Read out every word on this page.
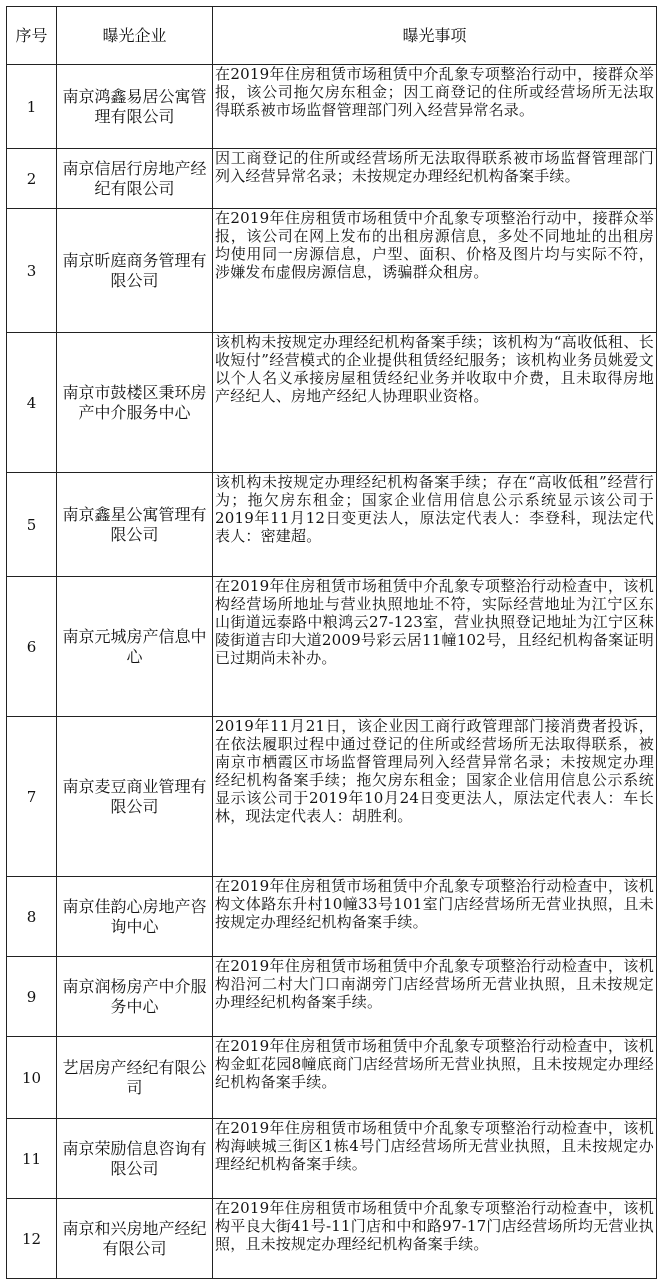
序号	曝光企业	曝光事项
1	南京鸿鑫易居公寓管理有限公司	在2019年住房租赁市场租赁中介乱象专项整治行动中，接群众举报，该公司拖欠房东租金；因工商登记的住所或经营场所无法取得联系被市场监督管理部门列入经营异常名录。
2	南京信居行房地产经纪有限公司	因工商登记的住所或经营场所无法取得联系被市场监督管理部门列入经营异常名录；未按规定办理经纪机构备案手续。
3	南京昕庭商务管理有限公司	在2019年住房租赁市场租赁中介乱象专项整治行动中，接群众举报，该公司在网上发布的出租房源信息，多处不同地址的出租房均使用同一房源信息，户型、面积、价格及图片均与实际不符，涉嫌发布虚假房源信息，诱骗群众租房。
4	南京市鼓楼区秉环房产中介服务中心	该机构未按规定办理经纪机构备案手续；该机构为“高收低租、长收短付”经营模式的企业提供租赁经纪服务；该机构业务员姚爱文以个人名义承接房屋租赁经纪业务并收取中介费，且未取得房地产经纪人、房地产经纪人协理职业资格。
5	南京鑫星公寓管理有限公司	该机构未按规定办理经纪机构备案手续；存在“高收低租”经营行为；拖欠房东租金；国家企业信用信息公示系统显示该公司于2019年11月12日变更法人，原法定代表人：李登科，现法定代表人：密建超。
6	南京元城房产信息中心	在2019年住房租赁市场租赁中介乱象专项整治行动检查中，该机构经营场所地址与营业执照地址不符，实际经营地址为江宁区东山街道远泰路中粮鸿云27-123室，营业执照登记地址为江宁区秣陵街道吉印大道2009号彩云居11幢102号，且经纪机构备案证明已过期尚未补办。
7	南京麦豆商业管理有限公司	2019年11月21日，该企业因工商行政管理部门接消费者投诉，在依法履职过程中通过登记的住所或经营场所无法取得联系，被南京市栖霞区市场监督管理局列入经营异常名录；未按规定办理经纪机构备案手续；拖欠房东租金；国家企业信用信息公示系统显示该公司于2019年10月24日变更法人，原法定代表人：车长林，现法定代表人：胡胜利。
8	南京佳韵心房地产咨询中心	在2019年住房租赁市场租赁中介乱象专项整治行动检查中，该机构文体路东升村10幢33号101室门店经营场所无营业执照，且未按规定办理经纪机构备案手续。
9	南京润杨房产中介服务中心	在2019年住房租赁市场租赁中介乱象专项整治行动检查中，该机构沿河二村大门口南湖旁门店经营场所无营业执照，且未按规定办理经纪机构备案手续。
10	艺居房产经纪有限公司	在2019年住房租赁市场租赁中介乱象专项整治行动检查中，该机构金虹花园8幢底商门店经营场所无营业执照，且未按规定办理经纪机构备案手续。
11	南京荣励信息咨询有限公司	在2019年住房租赁市场租赁中介乱象专项整治行动检查中，该机构海峡城三街区1栋4号门店经营场所无营业执照，且未按规定办理经纪机构备案手续。
12	南京和兴房地产经纪有限公司	在2019年住房租赁市场租赁中介乱象专项整治行动检查中，该机构平良大街41号-11门店和中和路97-17门店经营场所均无营业执照，且未按规定办理经纪机构备案手续。
